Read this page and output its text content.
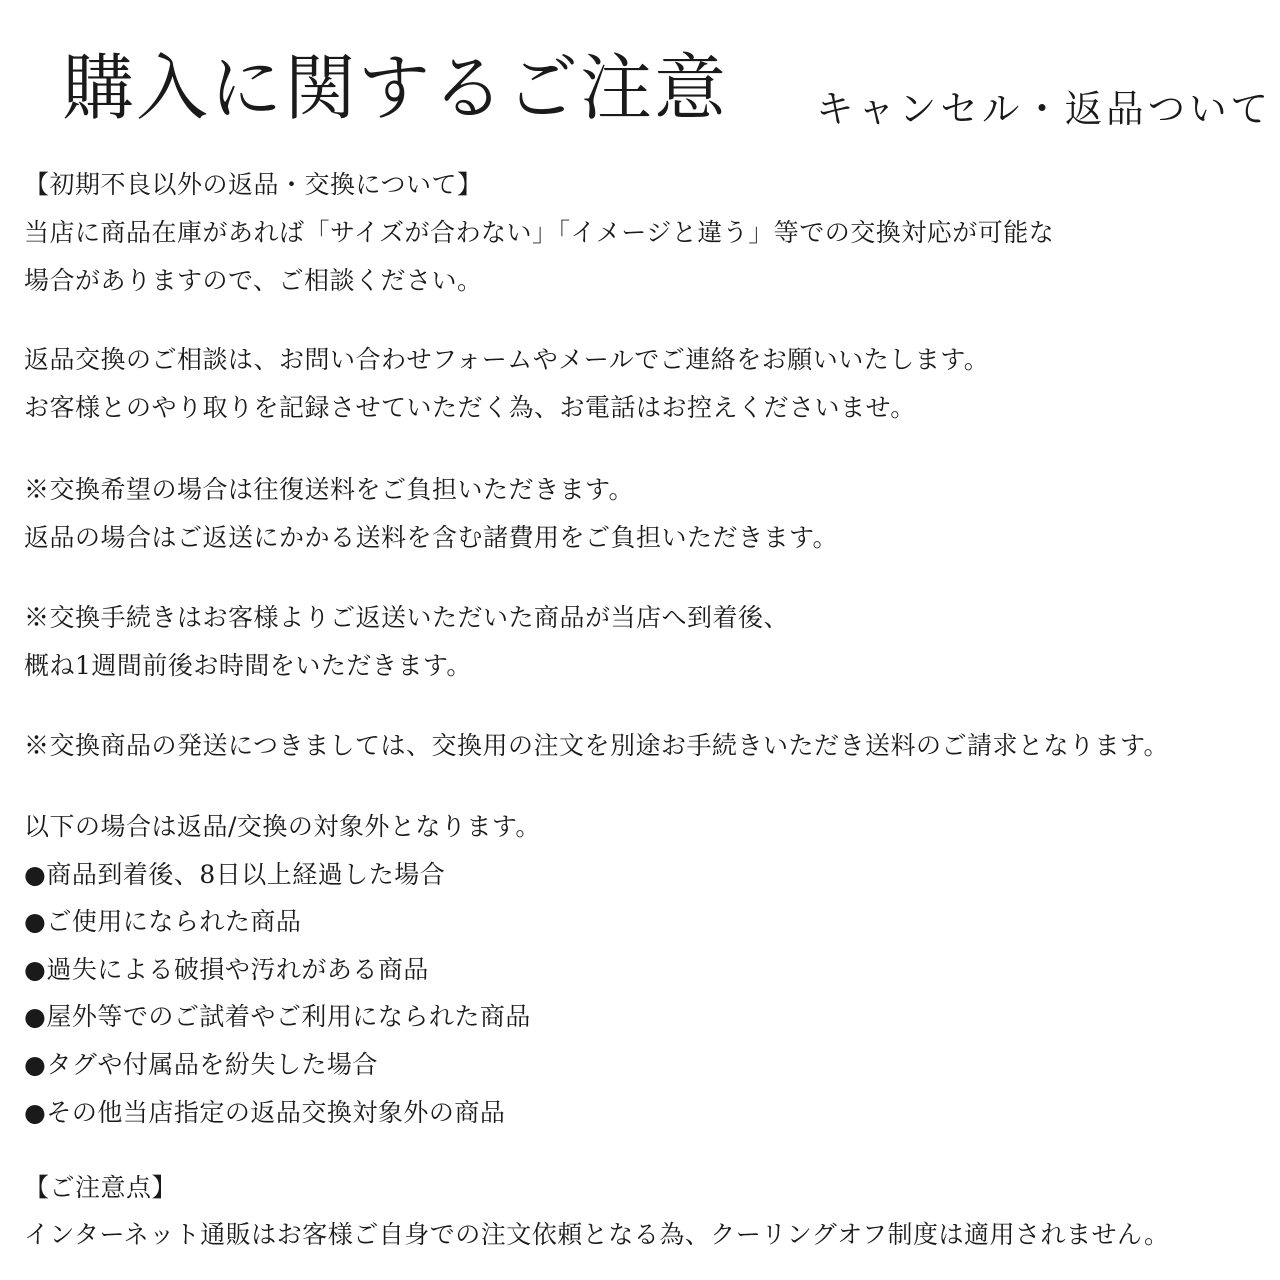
購入に関するご注意 キャンセル・返品ついて
【初期不良以外の返品・交換について】
当店に商品在庫があれば「サイズが合わない」「イメージと違う」等での交換対応が可能な
場合がありますので、ご相談ください。
返品交換のご相談は、お問い合わせフォームやメールでご連絡をお願いいたします。
お客様とのやり取りを記録させていただく為、お電話はお控えくださいませ。
※交換希望の場合は往復送料をご負担いただきます。
返品の場合はご返送にかかる送料を含む諸費用をご負担いただきます。
※交換手続きはお客様よりご返送いただいた商品が当店へ到着後、
概ね1週間前後お時間をいただきます。
※交換商品の発送につきましては、交換用の注文を別途お手続きいただき送料のご請求となります。
以下の場合は返品/交換の対象外となります。
●商品到着後、8日以上経過した場合
●ご使用になられた商品
●過失による破損や汚れがある商品
●屋外等でのご試着やご利用になられた商品
●タグや付属品を紛失した場合
●その他当店指定の返品交換対象外の商品
【ご注意点】
インターネット通販はお客様ご自身での注文依頼となる為、クーリングオフ制度は適用されません。
